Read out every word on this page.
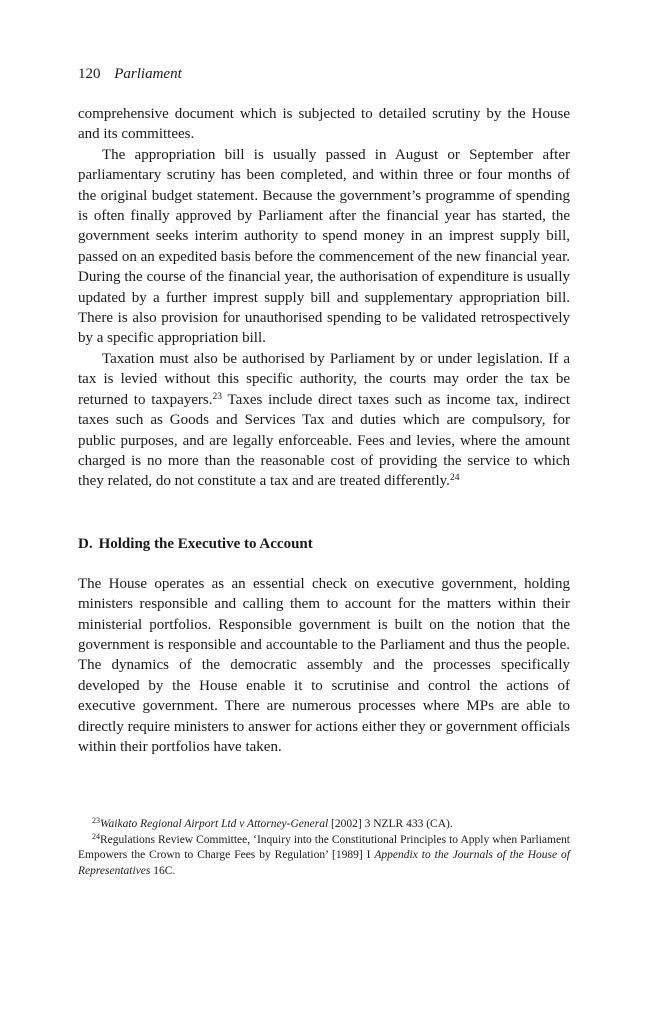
120 Parliament

comprehensive document which is subjected to detailed scrutiny by the House and its committees.

The appropriation bill is usually passed in August or September after parliamentary scrutiny has been completed, and within three or four months of the original budget statement. Because the government’s programme of spending is often finally approved by Parliament after the financial year has started, the government seeks interim authority to spend money in an imprest supply bill, passed on an expedited basis before the commencement of the new financial year. During the course of the financial year, the authorisation of expenditure is usually updated by a further imprest supply bill and supplementary appropriation bill. There is also provision for unauthorised spending to be validated retrospectively by a specific appropriation bill.

Taxation must also be authorised by Parliament by or under legislation. If a tax is levied without this specific authority, the courts may order the tax be returned to taxpayers.$^{23}$ Taxes include direct taxes such as income tax, indirect taxes such as Goods and Services Tax and duties which are compulsory, for public purposes, and are legally enforceable. Fees and levies, where the amount charged is no more than the reasonable cost of providing the service to which they related, do not constitute a tax and are treated differently.$^{24}$

D. Holding the Executive to Account

The House operates as an essential check on executive government, holding ministers responsible and calling them to account for the matters within their ministerial portfolios. Responsible government is built on the notion that the government is responsible and accountable to the Parliament and thus the people. The dynamics of the democratic assembly and the processes specifically developed by the House enable it to scrutinise and control the actions of executive government. There are numerous processes where MPs are able to directly require ministers to answer for actions either they or government officials within their portfolios have taken.

$^{23}$Waikato Regional Airport Ltd v Attorney-General [2002] 3 NZLR 433 (CA).

$^{24}$Regulations Review Committee, ‘Inquiry into the Constitutional Principles to Apply when Parliament Empowers the Crown to Charge Fees by Regulation’ [1989] I Appendix to the Journals of the House of Representatives 16C.
